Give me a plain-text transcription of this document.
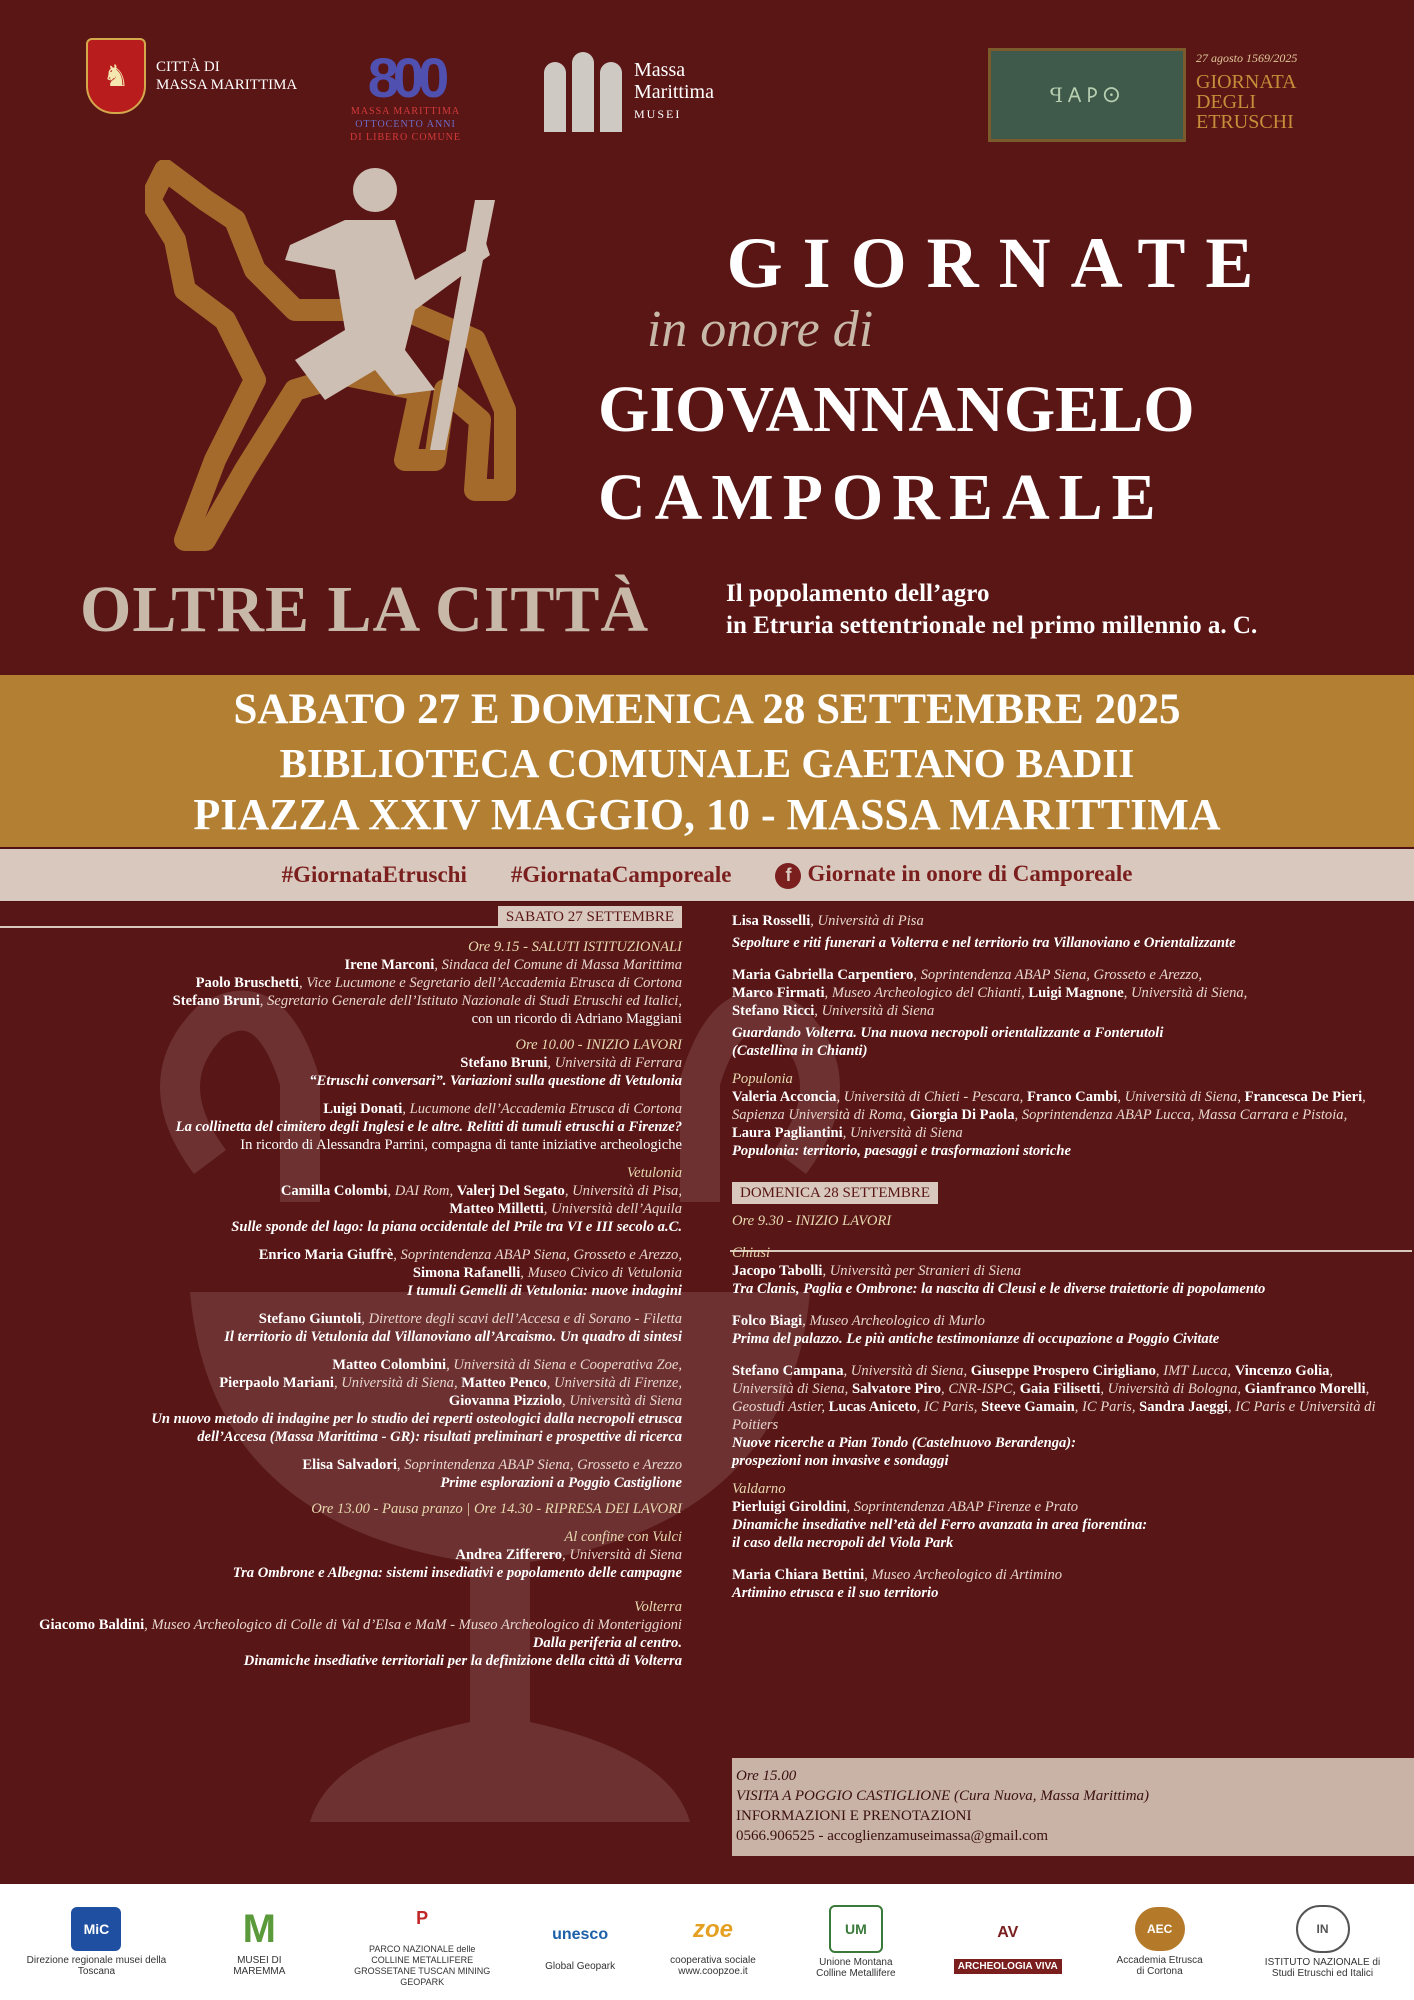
♞	CITTÀ DI
MASSA MARITTIMA 800
MASSA MARITTIMA
OTTOCENTO ANNI
DI LIBERO COMUNE
Massa
Marittima
MUSEI
ꟼ𐌀𐌓𐌏
27 agosto 1569/2025
GIORNATA
DEGLI
ETRUSCHI
GIORNATE
in onore di
GIOVANNANGELO
CAMPOREALE
OLTRE LA CITTÀ	Il popolamento dell’agro
in Etruria settentrionale nel primo millennio a. C.
SABATO 27 E DOMENICA 28 SETTEMBRE 2025
BIBLIOTECA COMUNALE GAETANO BADII
PIAZZA XXIV MAGGIO, 10 - MASSA MARITTIMA
#GiornataEtruschi #GiornataCamporeale	f Giornate in onore di Camporeale
SABATO 27 SETTEMBRE
Ore 9.15 - SALUTI ISTITUZIONALI
Irene Marconi, Sindaca del Comune di Massa Marittima
Paolo Bruschetti, Vice Lucumone e Segretario dell’Accademia Etrusca di Cortona
Stefano Bruni, Segretario Generale dell’Istituto Nazionale di Studi Etruschi ed Italici,
con un ricordo di Adriano Maggiani
Ore 10.00 - INIZIO LAVORI
Stefano Bruni, Università di Ferrara
“Etruschi conversari”. Variazioni sulla questione di Vetulonia
Luigi Donati, Lucumone dell’Accademia Etrusca di Cortona
La collinetta del cimitero degli Inglesi e le altre. Relitti di tumuli etruschi a Firenze?
In ricordo di Alessandra Parrini, compagna di tante iniziative archeologiche
Vetulonia
Camilla Colombi, DAI Rom, Valerj Del Segato, Università di Pisa,
Matteo Milletti, Università dell’Aquila
Sulle sponde del lago: la piana occidentale del Prile tra VI e III secolo a.C.
Enrico Maria Giuffrè, Soprintendenza ABAP Siena, Grosseto e Arezzo,
Simona Rafanelli, Museo Civico di Vetulonia
I tumuli Gemelli di Vetulonia: nuove indagini
Stefano Giuntoli, Direttore degli scavi dell’Accesa e di Sorano - Filetta
Il territorio di Vetulonia dal Villanoviano all’Arcaismo. Un quadro di sintesi
Matteo Colombini, Università di Siena e Cooperativa Zoe,
Pierpaolo Mariani, Università di Siena, Matteo Penco, Università di Firenze,
Giovanna Pizziolo, Università di Siena
Un nuovo metodo di indagine per lo studio dei reperti osteologici dalla necropoli etrusca
dell’Accesa (Massa Marittima - GR): risultati preliminari e prospettive di ricerca
Elisa Salvadori, Soprintendenza ABAP Siena, Grosseto e Arezzo
Prime esplorazioni a Poggio Castiglione
Ore 13.00 - Pausa pranzo | Ore 14.30 - RIPRESA DEI LAVORI
Al confine con Vulci
Andrea Zifferero, Università di Siena
Tra Ombrone e Albegna: sistemi insediativi e popolamento delle campagne
Volterra
Giacomo Baldini, Museo Archeologico di Colle di Val d’Elsa e MaM - Museo Archeologico di Monteriggioni
Dalla periferia al centro.
Dinamiche insediative territoriali per la definizione della città di Volterra
Lisa Rosselli, Università di Pisa
Sepolture e riti funerari a Volterra e nel territorio tra Villanoviano e Orientalizzante
Maria Gabriella Carpentiero, Soprintendenza ABAP Siena, Grosseto e Arezzo,
Marco Firmati, Museo Archeologico del Chianti, Luigi Magnone, Università di Siena,
Stefano Ricci, Università di Siena
Guardando Volterra. Una nuova necropoli orientalizzante a Fonterutoli
(Castellina in Chianti)
Populonia
Valeria Acconcia, Università di Chieti - Pescara, Franco Cambi, Università di Siena, Francesca De Pieri, Sapienza Università di Roma, Giorgia Di Paola, Soprintendenza ABAP Lucca, Massa Carrara e Pistoia, Laura Pagliantini, Università di Siena
Populonia: territorio, paesaggi e trasformazioni storiche
DOMENICA 28 SETTEMBRE
Ore 9.30 - INIZIO LAVORI
Chiusi
Jacopo Tabolli, Università per Stranieri di Siena
Tra Clanis, Paglia e Ombrone: la nascita di Cleusi e le diverse traiettorie di popolamento
Folco Biagi, Museo Archeologico di Murlo
Prima del palazzo. Le più antiche testimonianze di occupazione a Poggio Civitate
Stefano Campana, Università di Siena, Giuseppe Prospero Cirigliano, IMT Lucca, Vincenzo Golia, Università di Siena, Salvatore Piro, CNR-ISPC, Gaia Filisetti, Università di Bologna, Gianfranco Morelli, Geostudi Astier, Lucas Aniceto, IC Paris, Steeve Gamain, IC Paris, Sandra Jaeggi, IC Paris e Università di Poitiers
Nuove ricerche a Pian Tondo (Castelnuovo Berardenga):
prospezioni non invasive e sondaggi
Valdarno
Pierluigi Giroldini, Soprintendenza ABAP Firenze e Prato
Dinamiche insediative nell’età del Ferro avanzata in area fiorentina:
il caso della necropoli del Viola Park
Maria Chiara Bettini, Museo Archeologico di Artimino
Artimino etrusca e il suo territorio
Ore 15.00
VISITA A POGGIO CASTIGLIONE (Cura Nuova, Massa Marittima)
INFORMAZIONI E PRENOTAZIONI
0566.906525 - accoglienzamuseimassa@gmail.com
MiC
Direzione regionale musei della Toscana
M
MUSEI DI MAREMMA
P
PARCO NAZIONALE delle COLLINE METALLIFERE GROSSETANE TUSCAN MINING GEOPARK
unesco
Global Geopark
zoe
cooperativa sociale www.coopzoe.it
UM
Unione Montana Colline Metallifere
AV
ARCHEOLOGIA VIVA
AEC
Accademia Etrusca di Cortona
IN
ISTITUTO NAZIONALE di Studi Etruschi ed Italici
